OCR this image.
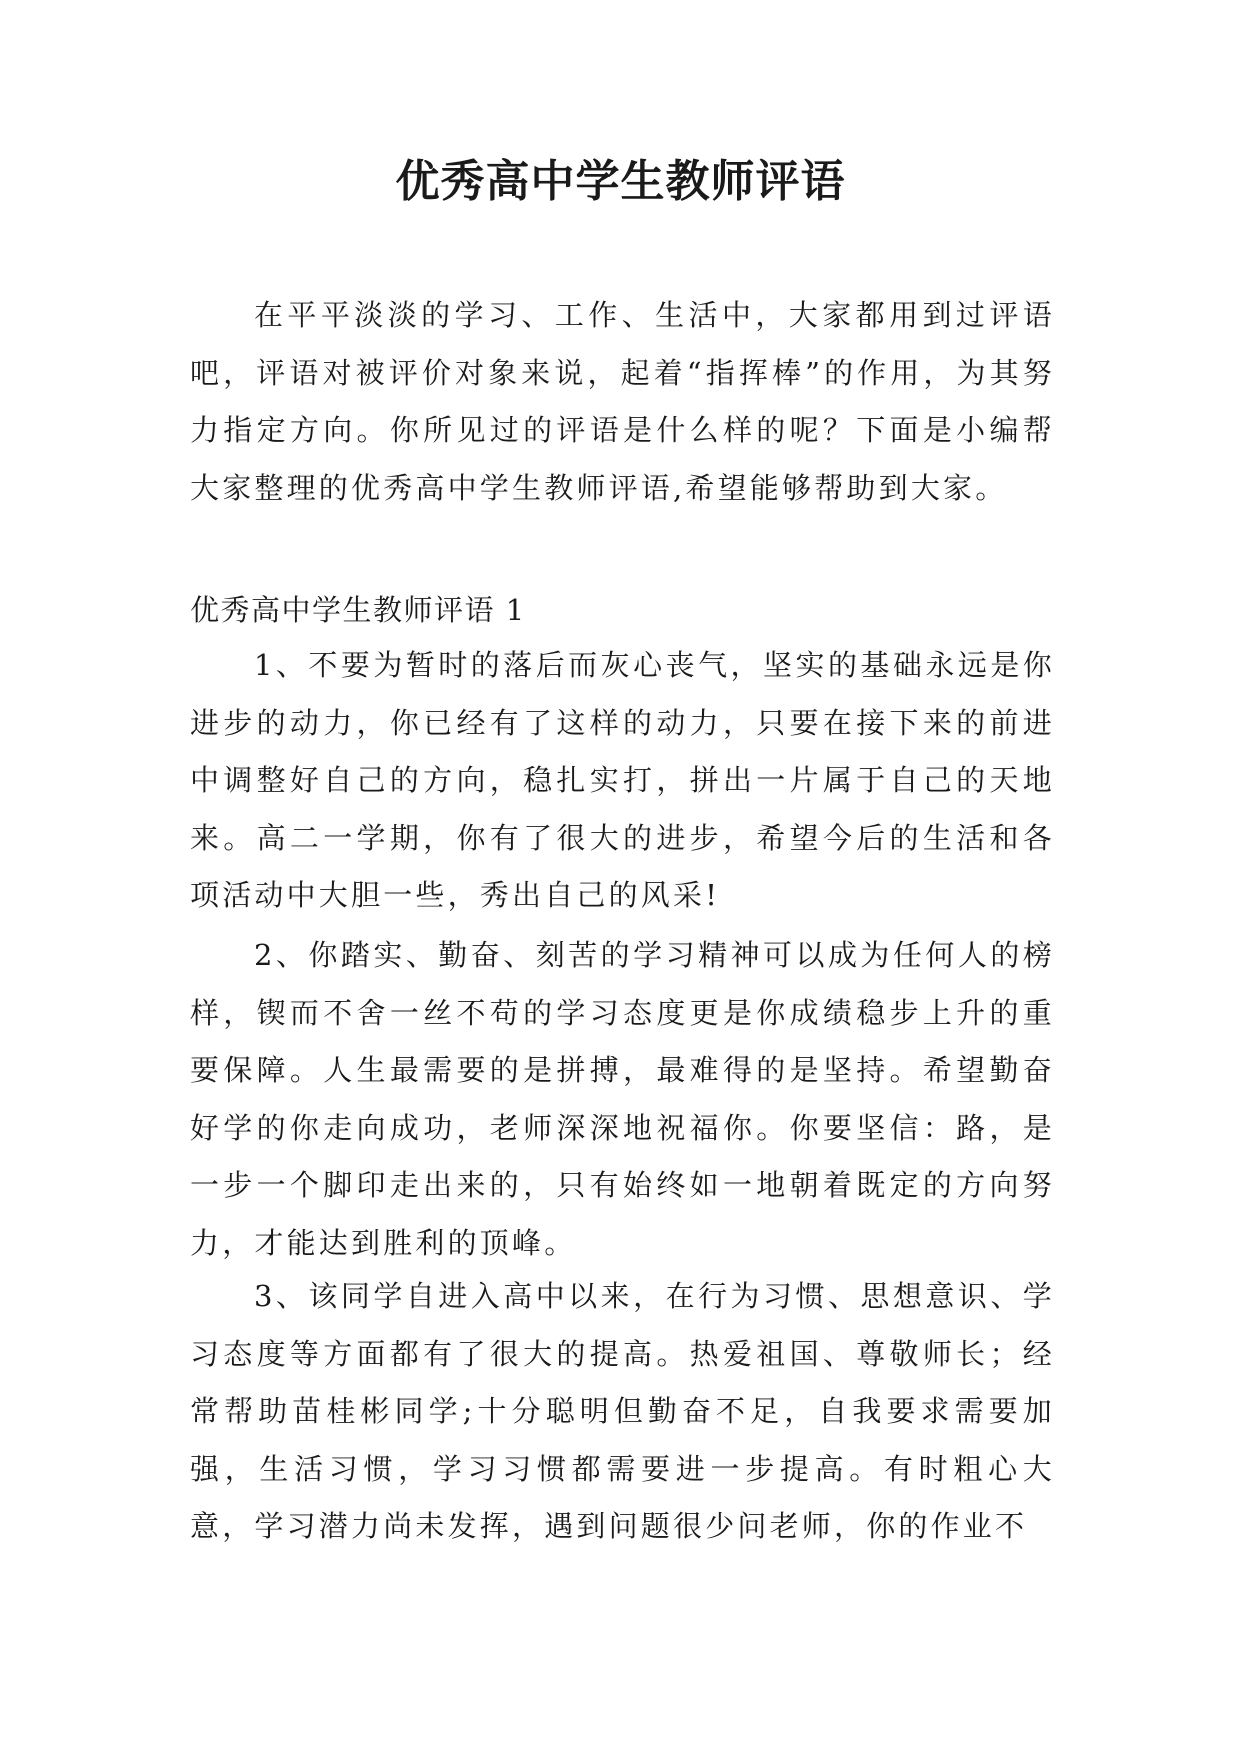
优秀高中学生教师评语
在平平淡淡的学习、工作、生活中，大家都用到过评语吧，评语对被评价对象来说，起着“指挥棒”的作用，为其努力指定方向。你所见过的评语是什么样的呢？下面是小编帮大家整理的优秀高中学生教师评语,希望能够帮助到大家。
优秀高中学生教师评语 1
1、不要为暂时的落后而灰心丧气，坚实的基础永远是你进步的动力，你已经有了这样的动力，只要在接下来的前进中调整好自己的方向，稳扎实打，拼出一片属于自己的天地来。高二一学期，你有了很大的进步，希望今后的生活和各项活动中大胆一些，秀出自己的风采!
2、你踏实、勤奋、刻苦的学习精神可以成为任何人的榜样，锲而不舍一丝不苟的学习态度更是你成绩稳步上升的重要保障。人生最需要的是拼搏，最难得的是坚持。希望勤奋好学的你走向成功，老师深深地祝福你。你要坚信：路，是一步一个脚印走出来的，只有始终如一地朝着既定的方向努力，才能达到胜利的顶峰。
3、该同学自进入高中以来，在行为习惯、思想意识、学习态度等方面都有了很大的提高。热爱祖国、尊敬师长；经常帮助苗桂彬同学;十分聪明但勤奋不足，自我要求需要加强，生活习惯，学习习惯都需要进一步提高。有时粗心大意，学习潜力尚未发挥，遇到问题很少问老师，你的作业不
